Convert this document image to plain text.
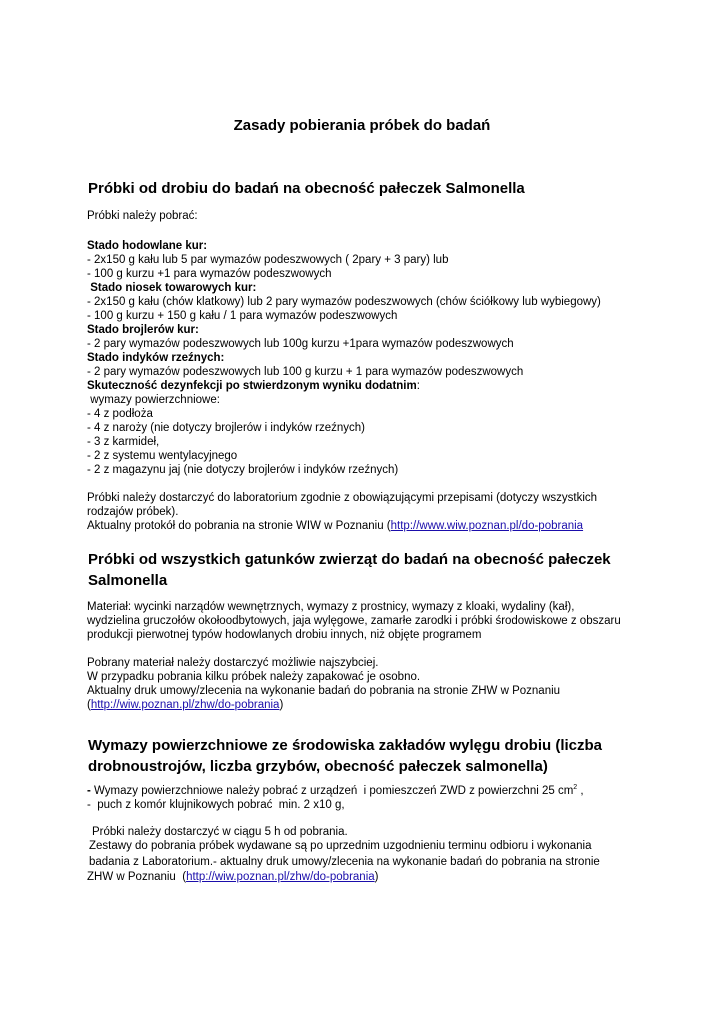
Zasady pobierania próbek do badań
Próbki od drobiu do badań na obecność pałeczek Salmonella

Próbki należy pobrać:

Stado hodowlane kur:

- 2x150 g kału lub 5 par wymazów podeszwowych ( 2pary + 3 pary) lub

- 100 g kurzu +1 para wymazów podeszwowych

Stado niosek towarowych kur:

- 2x150 g kału (chów klatkowy) lub 2 pary wymazów podeszwowych (chów ściółkowy lub wybiegowy)

- 100 g kurzu + 150 g kału / 1 para wymazów podeszwowych

Stado brojlerów kur:

- 2 pary wymazów podeszwowych lub 100g kurzu +1para wymazów podeszwowych

Stado indyków rzeźnych:

- 2 pary wymazów podeszwowych lub 100 g kurzu + 1 para wymazów podeszwowych

Skuteczność dezynfekcji po stwierdzonym wyniku dodatnim:

wymazy powierzchniowe:

- 4 z podłoża

- 4 z naroży (nie dotyczy brojlerów i indyków rzeźnych)

- 3 z karmideł,

- 2 z systemu wentylacyjnego

- 2 z magazynu jaj (nie dotyczy brojlerów i indyków rzeźnych)

Próbki należy dostarczyć do laboratorium zgodnie z obowiązującymi przepisami (dotyczy wszystkich rodzajów próbek).

Aktualny protokół do pobrania na stronie WIW w Poznaniu (http://www.wiw.poznan.pl/do-pobrania

Próbki od wszystkich gatunków zwierząt do badań na obecność pałeczek
Salmonella

Materiał: wycinki narządów wewnętrznych, wymazy z prostnicy, wymazy z kloaki, wydaliny (kał), wydzielina gruczołów okołoodbytowych, jaja wylęgowe, zamarłe zarodki i próbki środowiskowe z obszaru produkcji pierwotnej typów hodowlanych drobiu innych, niż objęte programem

Pobrany materiał należy dostarczyć możliwie najszybciej.

W przypadku pobrania kilku próbek należy zapakować je osobno.

Aktualny druk umowy/zlecenia na wykonanie badań do pobrania na stronie ZHW w Poznaniu

(http://wiw.poznan.pl/zhw/do-pobrania)

Wymazy powierzchniowe ze środowiska zakładów wylęgu drobiu (liczba
drobnoustrojów, liczba grzybów, obecność pałeczek salmonella)

- Wymazy powierzchniowe należy pobrać z urządzeń  i pomieszczeń ZWD z powierzchni 25 $cm^2$ ,

-  puch z komór klujnikowych pobrać  min. 2 x10 g,

Próbki należy dostarczyć w ciągu 5 h od pobrania.

Zestawy do pobrania próbek wydawane są po uprzednim uzgodnieniu terminu odbioru i wykonania

badania z Laboratorium.- aktualny druk umowy/zlecenia na wykonanie badań do pobrania na stronie

ZHW w Poznaniu  (http://wiw.poznan.pl/zhw/do-pobrania)
